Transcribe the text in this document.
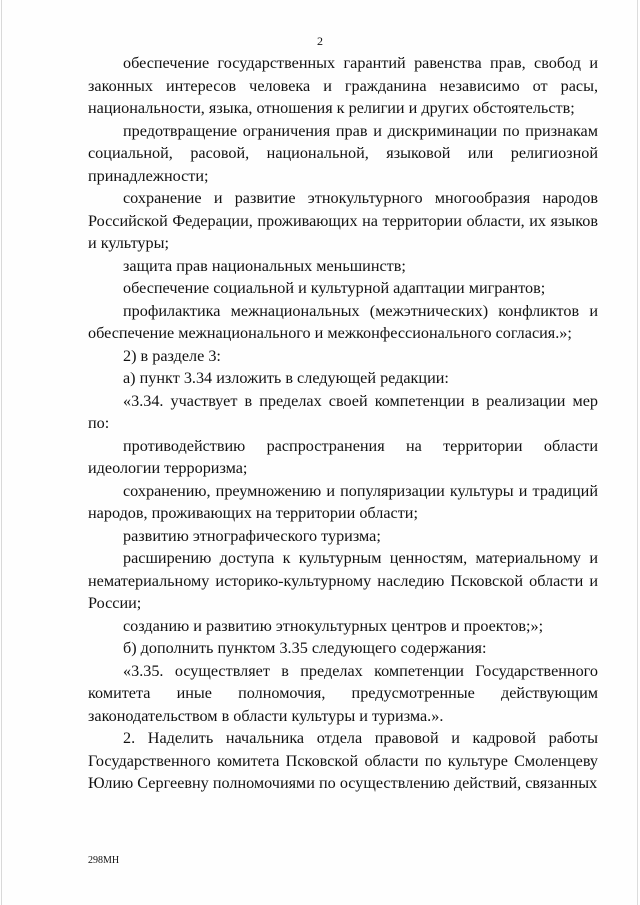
2

обеспечение государственных гарантий равенства прав, свобод и законных интересов человека и гражданина независимо от расы, национальности, языка, отношения к религии и других обстоятельств;

предотвращение ограничения прав и дискриминации по признакам социальной, расовой, национальной, языковой или религиозной принадлежности;

сохранение и развитие этнокультурного многообразия народов Российской Федерации, проживающих на территории области, их языков и культуры;

защита прав национальных меньшинств;

обеспечение социальной и культурной адаптации мигрантов;

профилактика межнациональных (межэтнических) конфликтов и обеспечение межнационального и межконфессионального согласия.»;

2) в разделе 3:

а) пункт 3.34 изложить в следующей редакции:

«3.34. участвует в пределах своей компетенции в реализации мер по:

противодействию распространения на территории области идеологии терроризма;

сохранению, преумножению и популяризации культуры и традиций народов, проживающих на территории области;

развитию этнографического туризма;

расширению доступа к культурным ценностям, материальному и нематериальному историко-культурному наследию Псковской области и России;

созданию и развитию этнокультурных центров и проектов;»;

б) дополнить пунктом 3.35 следующего содержания:

«3.35. осуществляет в пределах компетенции Государственного комитета иные полномочия, предусмотренные действующим законодательством в области культуры и туризма.».

2. Наделить начальника отдела правовой и кадровой работы Государственного комитета Псковской области по культуре Смоленцеву Юлию Сергеевну полномочиями по осуществлению действий, связанных

298МН
